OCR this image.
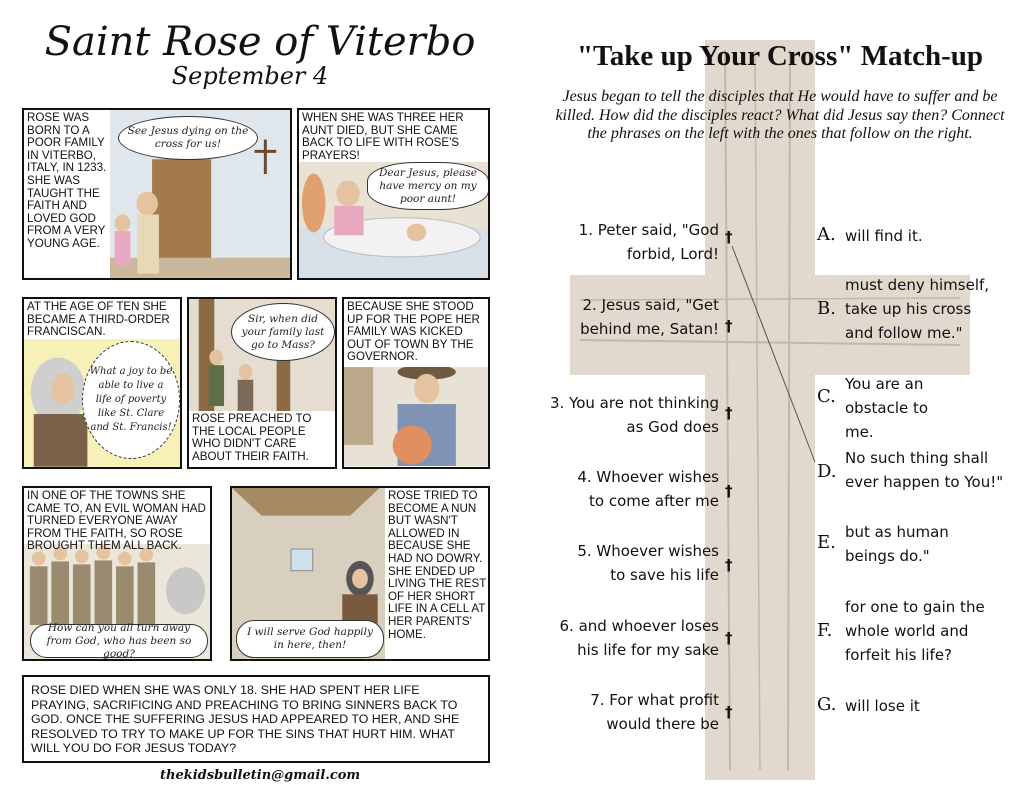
Saint Rose of Viterbo
September 4
ROSE WAS BORN TO A POOR FAMILY IN VITERBO, ITALY, IN 1233. SHE WAS TAUGHT THE FAITH AND LOVED GOD FROM A VERY YOUNG AGE.
See Jesus dying on the cross for us!
WHEN SHE WAS THREE HER AUNT DIED, BUT SHE CAME BACK TO LIFE WITH ROSE'S PRAYERS!
Dear Jesus, please have mercy on my poor aunt!
AT THE AGE OF TEN SHE BECAME A THIRD-ORDER FRANCISCAN.
What a joy to be able to live a life of poverty like St. Clare and St. Francis!
Sir, when did your family last go to Mass?
ROSE PREACHED TO THE LOCAL PEOPLE WHO DIDN'T CARE ABOUT THEIR FAITH.
BECAUSE SHE STOOD UP FOR THE POPE HER FAMILY WAS KICKED OUT OF TOWN BY THE GOVERNOR.
IN ONE OF THE TOWNS SHE CAME TO, AN EVIL WOMAN HAD TURNED EVERYONE AWAY FROM THE FAITH, SO ROSE BROUGHT THEM ALL BACK.
How can you all turn away from God, who has been so good?
ROSE TRIED TO BECOME A NUN BUT WASN'T ALLOWED IN BECAUSE SHE HAD NO DOWRY. SHE ENDED UP LIVING THE REST OF HER SHORT LIFE IN A CELL AT HER PARENTS' HOME.
I will serve God happily in here, then!
ROSE DIED WHEN SHE WAS ONLY 18. SHE HAD SPENT HER LIFE PRAYING, SACRIFICING AND PREACHING TO BRING SINNERS BACK TO GOD. ONCE THE SUFFERING JESUS HAD APPEARED TO HER, AND SHE RESOLVED TO TRY TO MAKE UP FOR THE SINS THAT HURT HIM. WHAT WILL YOU DO FOR JESUS TODAY?
thekidsbulletin@gmail.com
"Take up Your Cross" Match-up
Jesus began to tell the disciples that He would have to suffer and be killed. How did the disciples react? What did Jesus say then? Connect the phrases on the left with the ones that follow on the right.
1. Peter said, "God forbid, Lord!
†
2. Jesus said, "Get behind me, Satan! †
3. You are not thinking as God does
†
4. Whoever wishes to come after me
†
5. Whoever wishes to save his life
†
6. and whoever loses his life for my sake
†
7. For what profit would there be
†
A. will find it.
B.
must deny himself, take up his cross and follow me."
C.
You are an obstacle to me.
D.
No such thing shall ever happen to You!"
E. but as human beings do."
F.
for one to gain the whole world and forfeit his life?
G. will lose it
